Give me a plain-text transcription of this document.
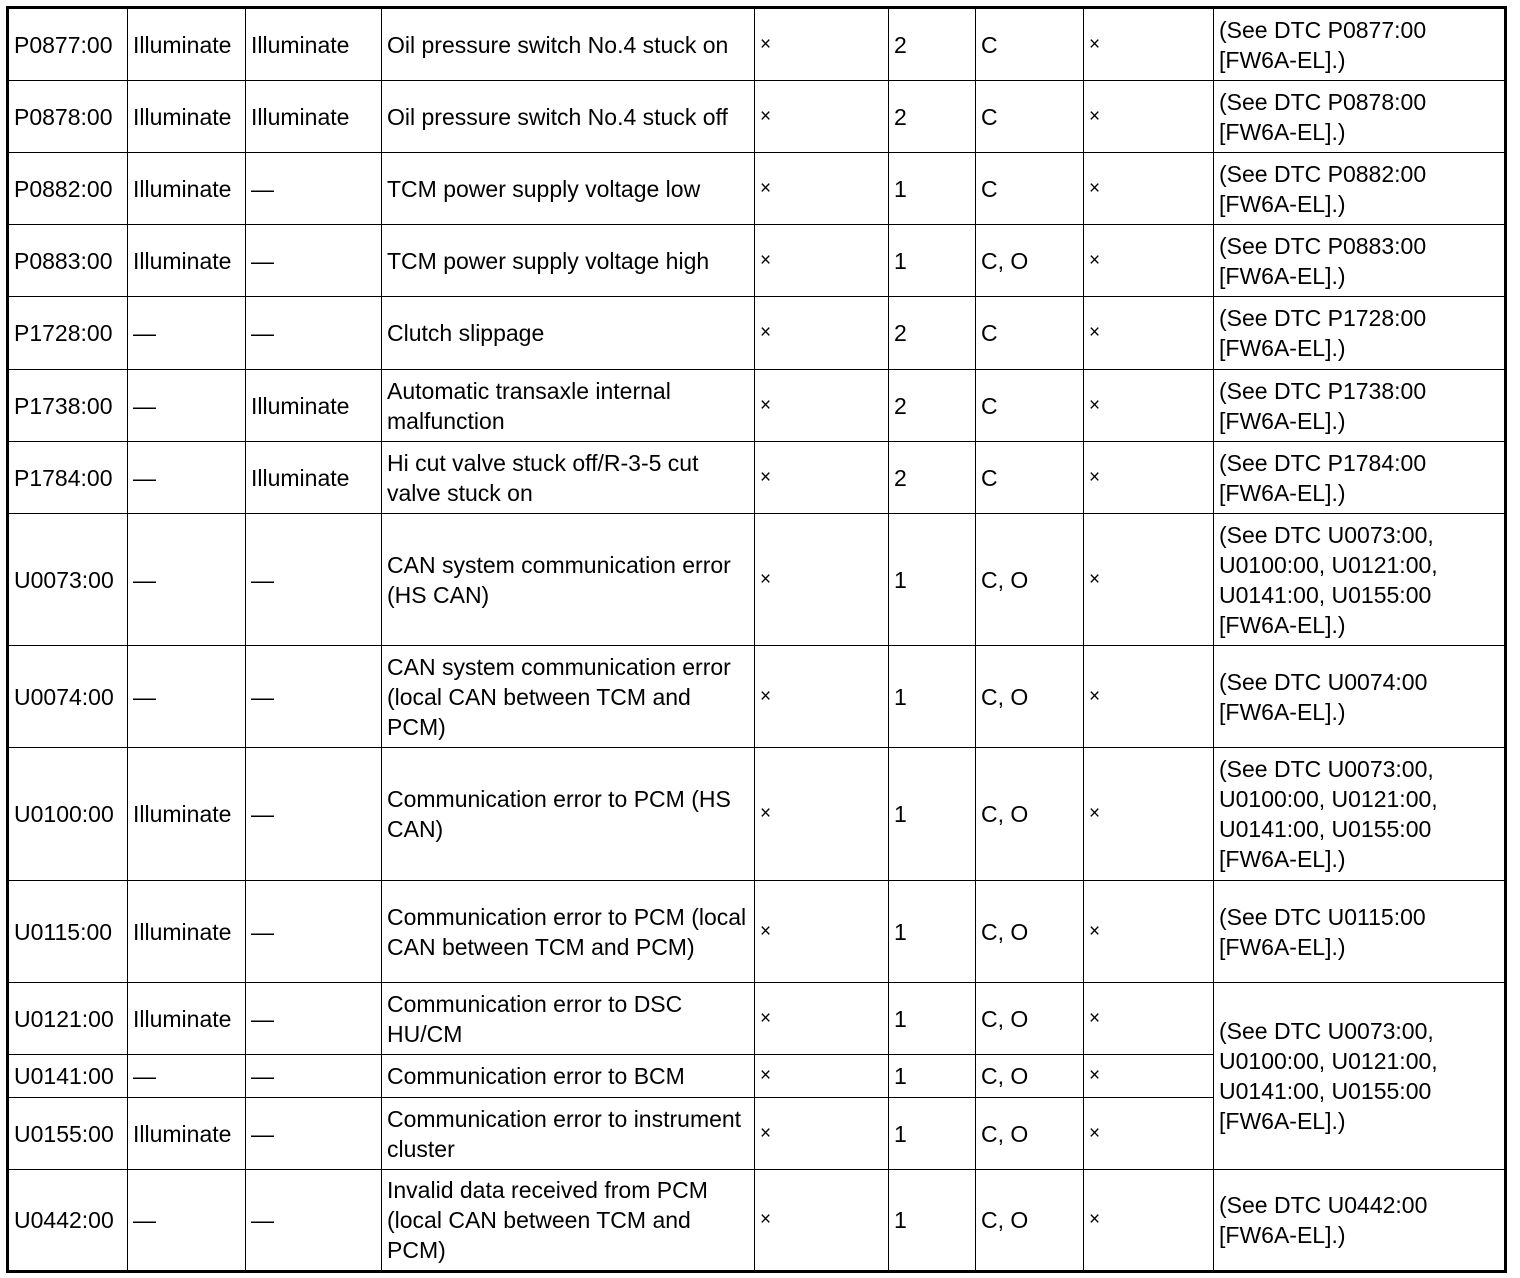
P0877:00	Illuminate	Illuminate	Oil pressure switch No.4 stuck on	×	2	C	×	(See DTC P0877:00 [FW6A-EL].)
P0878:00	Illuminate	Illuminate	Oil pressure switch No.4 stuck off	×	2	C	×	(See DTC P0878:00 [FW6A-EL].)
P0882:00	Illuminate	—	TCM power supply voltage low	×	1	C	×	(See DTC P0882:00 [FW6A-EL].)
P0883:00	Illuminate	—	TCM power supply voltage high	×	1	C, O	×	(See DTC P0883:00 [FW6A-EL].)
P1728:00	—	—	Clutch slippage	×	2	C	×	(See DTC P1728:00 [FW6A-EL].)
P1738:00	—	Illuminate	Automatic transaxle internal malfunction	×	2	C	×	(See DTC P1738:00 [FW6A-EL].)
P1784:00	—	Illuminate	Hi cut valve stuck off/R-3-5 cut valve stuck on	×	2	C	×	(See DTC P1784:00 [FW6A-EL].)
U0073:00	—	—	CAN system communication error (HS CAN)	×	1	C, O	×	(See DTC U0073:00, U0100:00, U0121:00, U0141:00, U0155:00 [FW6A-EL].)
U0074:00	—	—	CAN system communication error (local CAN between TCM and PCM)	×	1	C, O	×	(See DTC U0074:00 [FW6A-EL].)
U0100:00	Illuminate	—	Communication error to PCM (HS CAN)	×	1	C, O	×	(See DTC U0073:00, U0100:00, U0121:00, U0141:00, U0155:00 [FW6A-EL].)
U0115:00	Illuminate	—	Communication error to PCM (local CAN between TCM and PCM)	×	1	C, O	×	(See DTC U0115:00 [FW6A-EL].)
U0121:00	Illuminate	—	Communication error to DSC HU/CM	×	1	C, O	×	(See DTC U0073:00, U0100:00, U0121:00, U0141:00, U0155:00 [FW6A-EL].)
U0141:00	—	—	Communication error to BCM	×	1	C, O	×	
U0155:00	Illuminate	—	Communication error to instrument cluster	×	1	C, O	×	
U0442:00	—	—	Invalid data received from PCM (local CAN between TCM and PCM)	×	1	C, O	×	(See DTC U0442:00 [FW6A-EL].)
